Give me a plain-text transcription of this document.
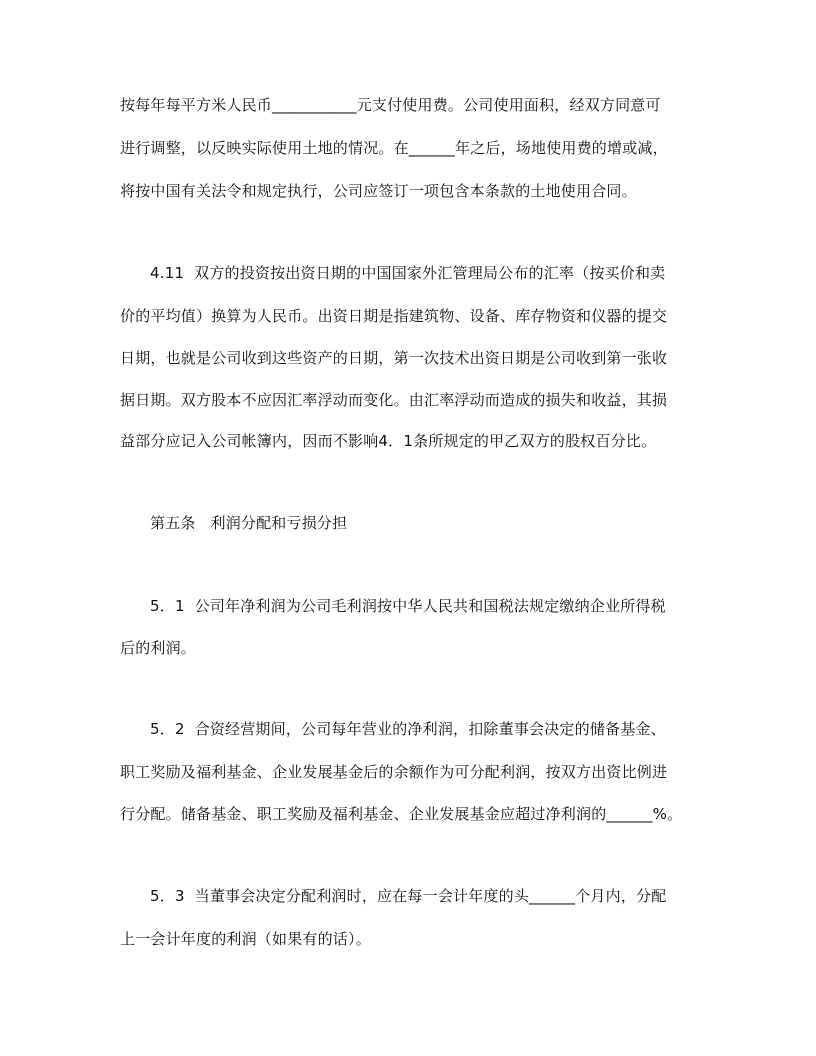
按每年每平方米人民币___________元支付使用费。公司使用面积，经双方同意可
进行调整，以反映实际使用土地的情况。在______年之后，场地使用费的增或减，
将按中国有关法令和规定执行，公司应签订一项包含本条款的土地使用合同。
4.11  双方的投资按出资日期的中国国家外汇管理局公布的汇率（按买价和卖
价的平均值）换算为人民币。出资日期是指建筑物、设备、库存物资和仪器的提交
日期，也就是公司收到这些资产的日期，第一次技术出资日期是公司收到第一张收
据日期。双方股本不应因汇率浮动而变化。由汇率浮动而造成的损失和收益，其损
益部分应记入公司帐簿内，因而不影响4．1条所规定的甲乙双方的股权百分比。
第五条   利润分配和亏损分担
5．1  公司年净利润为公司毛利润按中华人民共和国税法规定缴纳企业所得税
后的利润。
5．2  合资经营期间，公司每年营业的净利润，扣除董事会决定的储备基金、
职工奖励及福利基金、企业发展基金后的余额作为可分配利润，按双方出资比例进
行分配。储备基金、职工奖励及福利基金、企业发展基金应超过净利润的______%。
5．3  当董事会决定分配利润时，应在每一会计年度的头______个月内，分配
上一会计年度的利润（如果有的话）。
